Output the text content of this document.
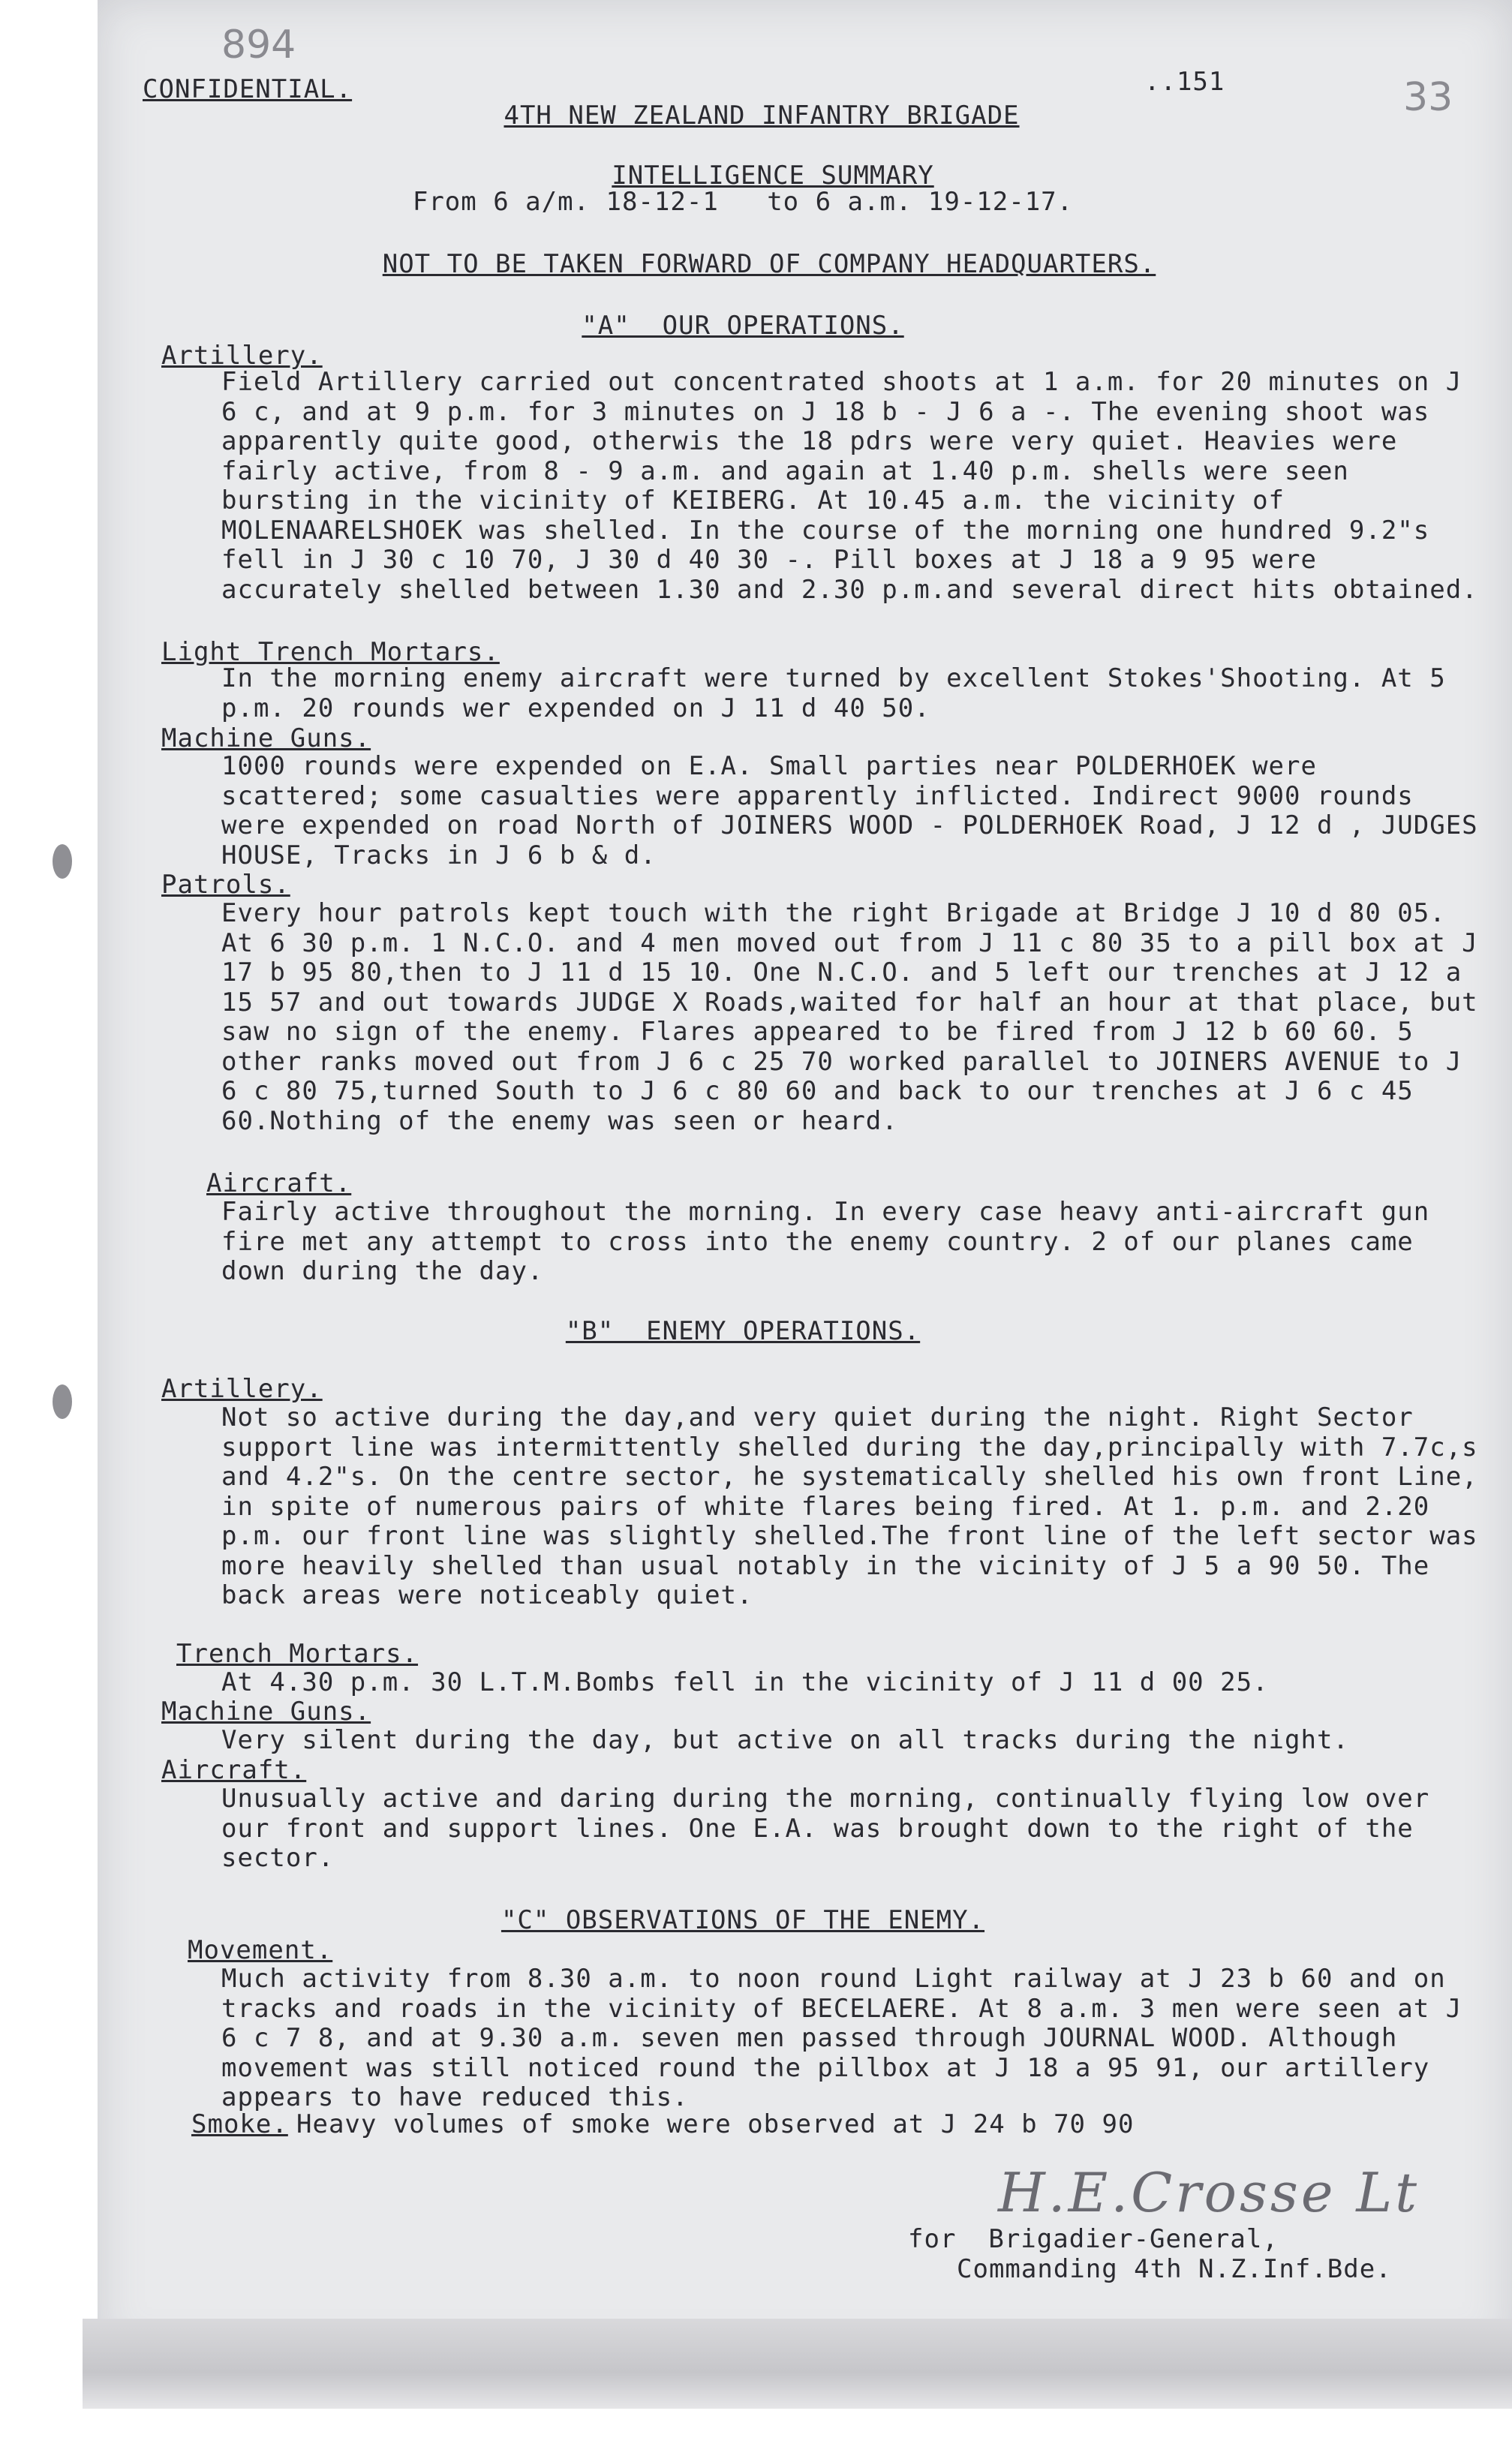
894
33
CONFIDENTIAL.	..151
4TH NEW ZEALAND INFANTRY BRIGADE
INTELLIGENCE SUMMARY
From 6 a/m. 18-12-1   to 6 a.m. 19-12-17.
NOT TO BE TAKEN FORWARD OF COMPANY HEADQUARTERS.
"A"  OUR OPERATIONS.
Artillery.
Field Artillery carried out concentrated shoots at 1 a.m. for 20 minutes on J 6 c, and at 9 p.m. for 3 minutes on J 18 b - J 6 a -. The evening shoot was apparently quite good, otherwis the 18 pdrs were very quiet. Heavies were fairly active, from 8 - 9 a.m. and again at 1.40 p.m. shells were seen bursting in the vicinity of KEIBERG. At 10.45 a.m. the vicinity of MOLENAARELSHOEK was shelled. In the course of the morning one hundred 9.2"s fell in J 30 c 10 70, J 30 d 40 30 -. Pill boxes at J 18 a 9 95 were accurately shelled between 1.30 and 2.30 p.m.and several direct hits obtained.
Light Trench Mortars.
In the morning enemy aircraft were turned by excellent Stokes'Shooting. At 5 p.m. 20 rounds wer expended on J 11 d 40 50.
Machine Guns.
1000 rounds were expended on E.A. Small parties near POLDERHOEK were scattered; some casualties were apparently inflicted. Indirect 9000 rounds were expended on road North of JOINERS WOOD - POLDERHOEK Road, J 12 d , JUDGES HOUSE, Tracks in J 6 b & d.
Patrols.
Every hour patrols kept touch with the right Brigade at Bridge J 10 d 80 05. At 6 30 p.m. 1 N.C.O. and 4 men moved out from J 11 c 80 35 to a pill box at J 17 b 95 80,then to J 11 d 15 10. One N.C.O. and 5 left our trenches at J 12 a 15 57 and out towards JUDGE X Roads,waited for half an hour at that place, but saw no sign of the enemy. Flares appeared to be fired from J 12 b 60 60. 5 other ranks moved out from J 6 c 25 70 worked parallel to JOINERS AVENUE to J 6 c 80 75,turned South to J 6 c 80 60 and back to our trenches at J 6 c 45 60.Nothing of the enemy was seen or heard.
Aircraft.
Fairly active throughout the morning. In every case heavy anti-aircraft gun fire met any attempt to cross into the enemy country. 2 of our planes came down during the day.
"B"  ENEMY OPERATIONS.
Artillery.
Not so active during the day,and very quiet during the night. Right Sector support line was intermittently shelled during the day,principally with 7.7c,s and 4.2"s. On the centre sector, he systematically shelled his own front Line, in spite of numerous pairs of white flares being fired. At 1. p.m. and 2.20 p.m. our front line was slightly shelled.The front line of the left sector was more heavily shelled than usual notably in the vicinity of J 5 a 90 50. The back areas were noticeably quiet.
Trench Mortars.
At 4.30 p.m. 30 L.T.M.Bombs fell in the vicinity of J 11 d 00 25.
Machine Guns.
Very silent during the day, but active on all tracks during the night.
Aircraft.
Unusually active and daring during the morning, continually flying low over our front and support lines. One E.A. was brought down to the right of the sector.
"C" OBSERVATIONS OF THE ENEMY.
Movement.
Much activity from 8.30 a.m. to noon round Light railway at J 23 b 60 and on tracks and roads in the vicinity of BECELAERE. At 8 a.m. 3 men were seen at J 6 c 7 8, and at 9.30 a.m. seven men passed through JOURNAL WOOD. Although movement was still noticed round the pillbox at J 18 a 95 91, our artillery appears to have reduced this.
Smoke. Heavy volumes of smoke were observed at J 24 b 70 90
H.E.Crosse Lt
for  Brigadier-General,
Commanding 4th N.Z.Inf.Bde.
